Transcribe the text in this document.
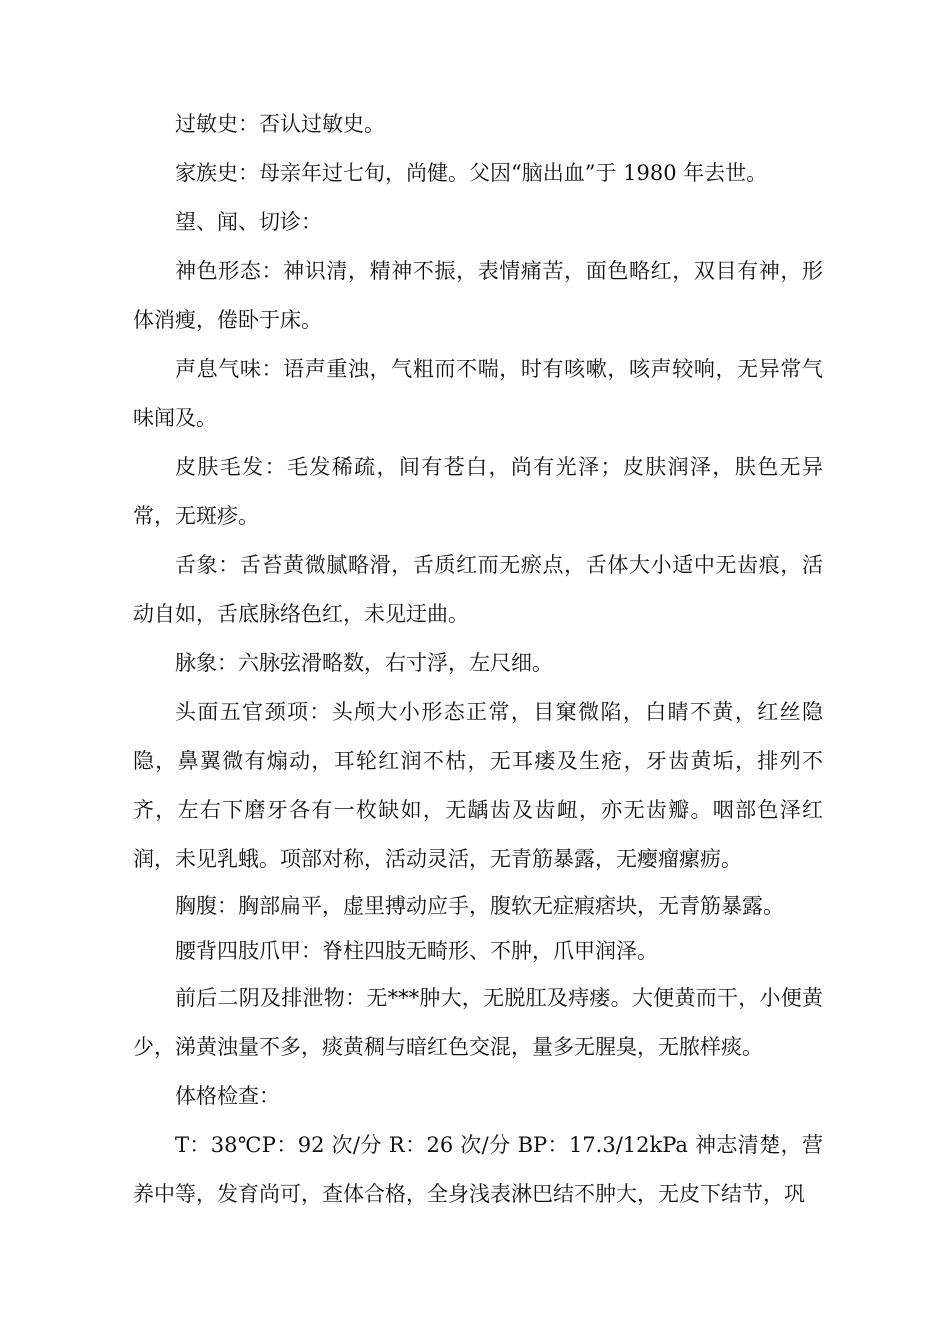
过敏史：否认过敏史。

家族史：母亲年过七旬，尚健。父因“脑出血”于 1980 年去世。

望、闻、切诊：

神色形态：神识清，精神不振，表情痛苦，面色略红，双目有神，形体消瘦，倦卧于床。

声息气味：语声重浊，气粗而不喘，时有咳嗽，咳声较响，无异常气味闻及。

皮肤毛发：毛发稀疏，间有苍白，尚有光泽；皮肤润泽，肤色无异常，无斑疹。

舌象：舌苔黄微腻略滑，舌质红而无瘀点，舌体大小适中无齿痕，活动自如，舌底脉络色红，未见迂曲。

脉象：六脉弦滑略数，右寸浮，左尺细。

头面五官颈项：头颅大小形态正常，目窠微陷，白睛不黄，红丝隐隐，鼻翼微有煽动，耳轮红润不枯，无耳瘘及生疮，牙齿黄垢，排列不齐，左右下磨牙各有一枚缺如，无龋齿及齿衄，亦无齿瓣。咽部色泽红润，未见乳蛾。项部对称，活动灵活，无青筋暴露，无瘿瘤瘰疬。

胸腹：胸部扁平，虚里搏动应手，腹软无症瘕痞块，无青筋暴露。

腰背四肢爪甲：脊柱四肢无畸形、不肿，爪甲润泽。

前后二阴及排泄物：无***肿大，无脱肛及痔瘘。大便黄而干，小便黄少，涕黄浊量不多，痰黄稠与暗红色交混，量多无腥臭，无脓样痰。

体格检查：

T：38℃P：92 次/分 R：26 次/分 BP：17.3/12kPa 神志清楚，营养中等，发育尚可，查体合格，全身浅表淋巴结不肿大，无皮下结节，巩
